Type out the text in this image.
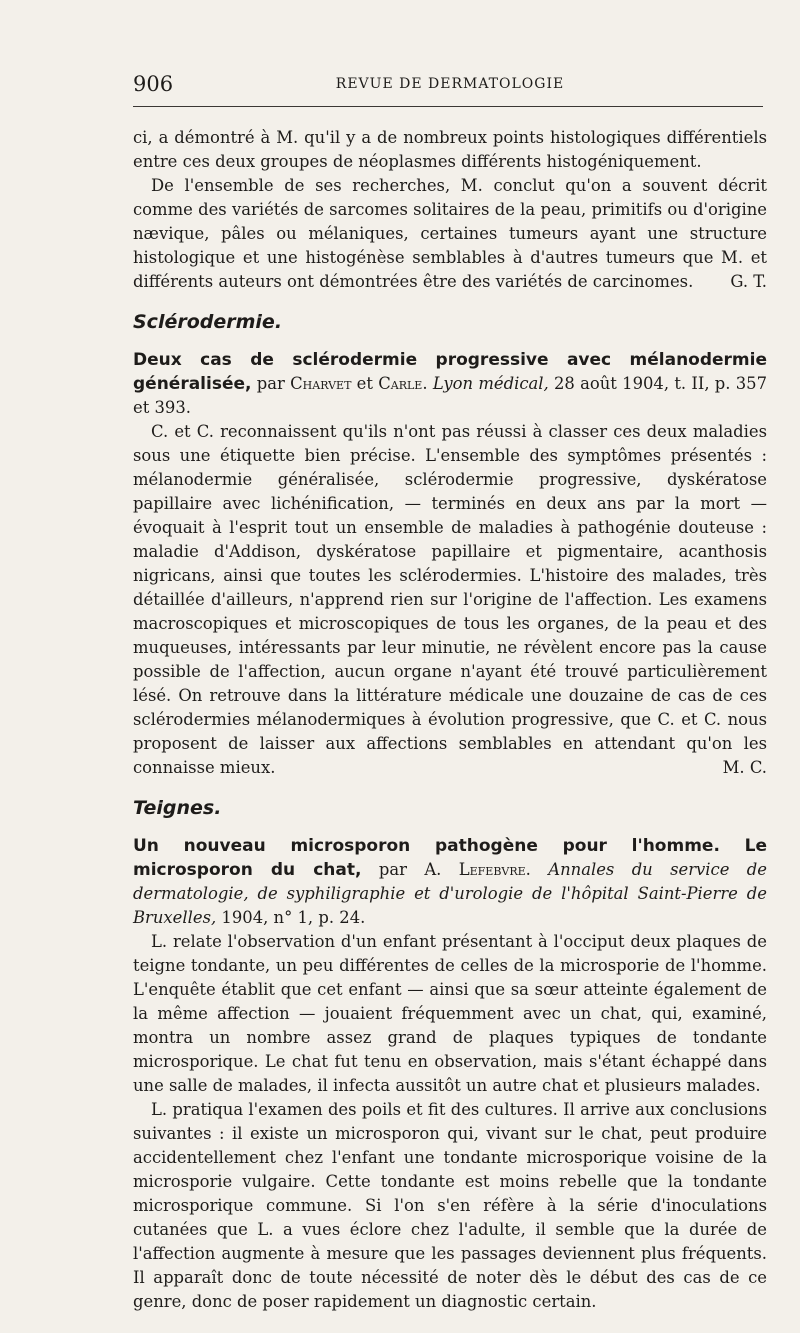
906	REVUE DE DERMATOLOGIE

ci, a démontré à M. qu'il y a de nombreux points histologiques différentiels entre ces deux groupes de néoplasmes différents histogéniquement.

De l'ensemble de ses recherches, M. conclut qu'on a souvent décrit comme des variétés de sarcomes solitaires de la peau, primitifs ou d'origine nævique, pâles ou mélaniques, certaines tumeurs ayant une structure histologique et une histogénèse semblables à d'autres tumeurs que M. et différents auteurs ont démontrées être des variétés de carcinomes.	G. T.

Sclérodermie.

Deux cas de sclérodermie progressive avec mélanodermie généralisée, par Charvet et Carle. Lyon médical, 28 août 1904, t. II, p. 357 et 393.

C. et C. reconnaissent qu'ils n'ont pas réussi à classer ces deux maladies sous une étiquette bien précise. L'ensemble des symptômes présentés : mélanodermie généralisée, sclérodermie progressive, dyskératose papillaire avec lichénification, — terminés en deux ans par la mort — évoquait à l'esprit tout un ensemble de maladies à pathogénie douteuse : maladie d'Addison, dyskératose papillaire et pigmentaire, acanthosis nigricans, ainsi que toutes les sclérodermies. L'histoire des malades, très détaillée d'ailleurs, n'apprend rien sur l'origine de l'affection. Les examens macroscopiques et microscopiques de tous les organes, de la peau et des muqueuses, intéressants par leur minutie, ne révèlent encore pas la cause possible de l'affection, aucun organe n'ayant été trouvé particulièrement lésé. On retrouve dans la littérature médicale une douzaine de cas de ces sclérodermies mélanodermiques à évolution progressive, que C. et C. nous proposent de laisser aux affections semblables en attendant qu'on les connaisse mieux.	M. C.

Teignes.

Un nouveau microsporon pathogène pour l'homme. Le microsporon du chat, par A. Lefebvre. Annales du service de dermatologie, de syphiligraphie et d'urologie de l'hôpital Saint-Pierre de Bruxelles, 1904, n° 1, p. 24.

L. relate l'observation d'un enfant présentant à l'occiput deux plaques de teigne tondante, un peu différentes de celles de la microsporie de l'homme. L'enquête établit que cet enfant — ainsi que sa sœur atteinte également de la même affection — jouaient fréquemment avec un chat, qui, examiné, montra un nombre assez grand de plaques typiques de tondante microsporique. Le chat fut tenu en observation, mais s'étant échappé dans une salle de malades, il infecta aussitôt un autre chat et plusieurs malades.

L. pratiqua l'examen des poils et fit des cultures. Il arrive aux conclusions suivantes : il existe un microsporon qui, vivant sur le chat, peut produire accidentellement chez l'enfant une tondante microsporique voisine de la microsporie vulgaire. Cette tondante est moins rebelle que la tondante microsporique commune. Si l'on s'en réfère à la série d'inoculations cutanées que L. a vues éclore chez l'adulte, il semble que la durée de l'affection augmente à mesure que les passages deviennent plus fréquents. Il apparaît donc de toute nécessité de noter dès le début des cas de ce genre, donc de poser rapidement un diagnostic certain.
